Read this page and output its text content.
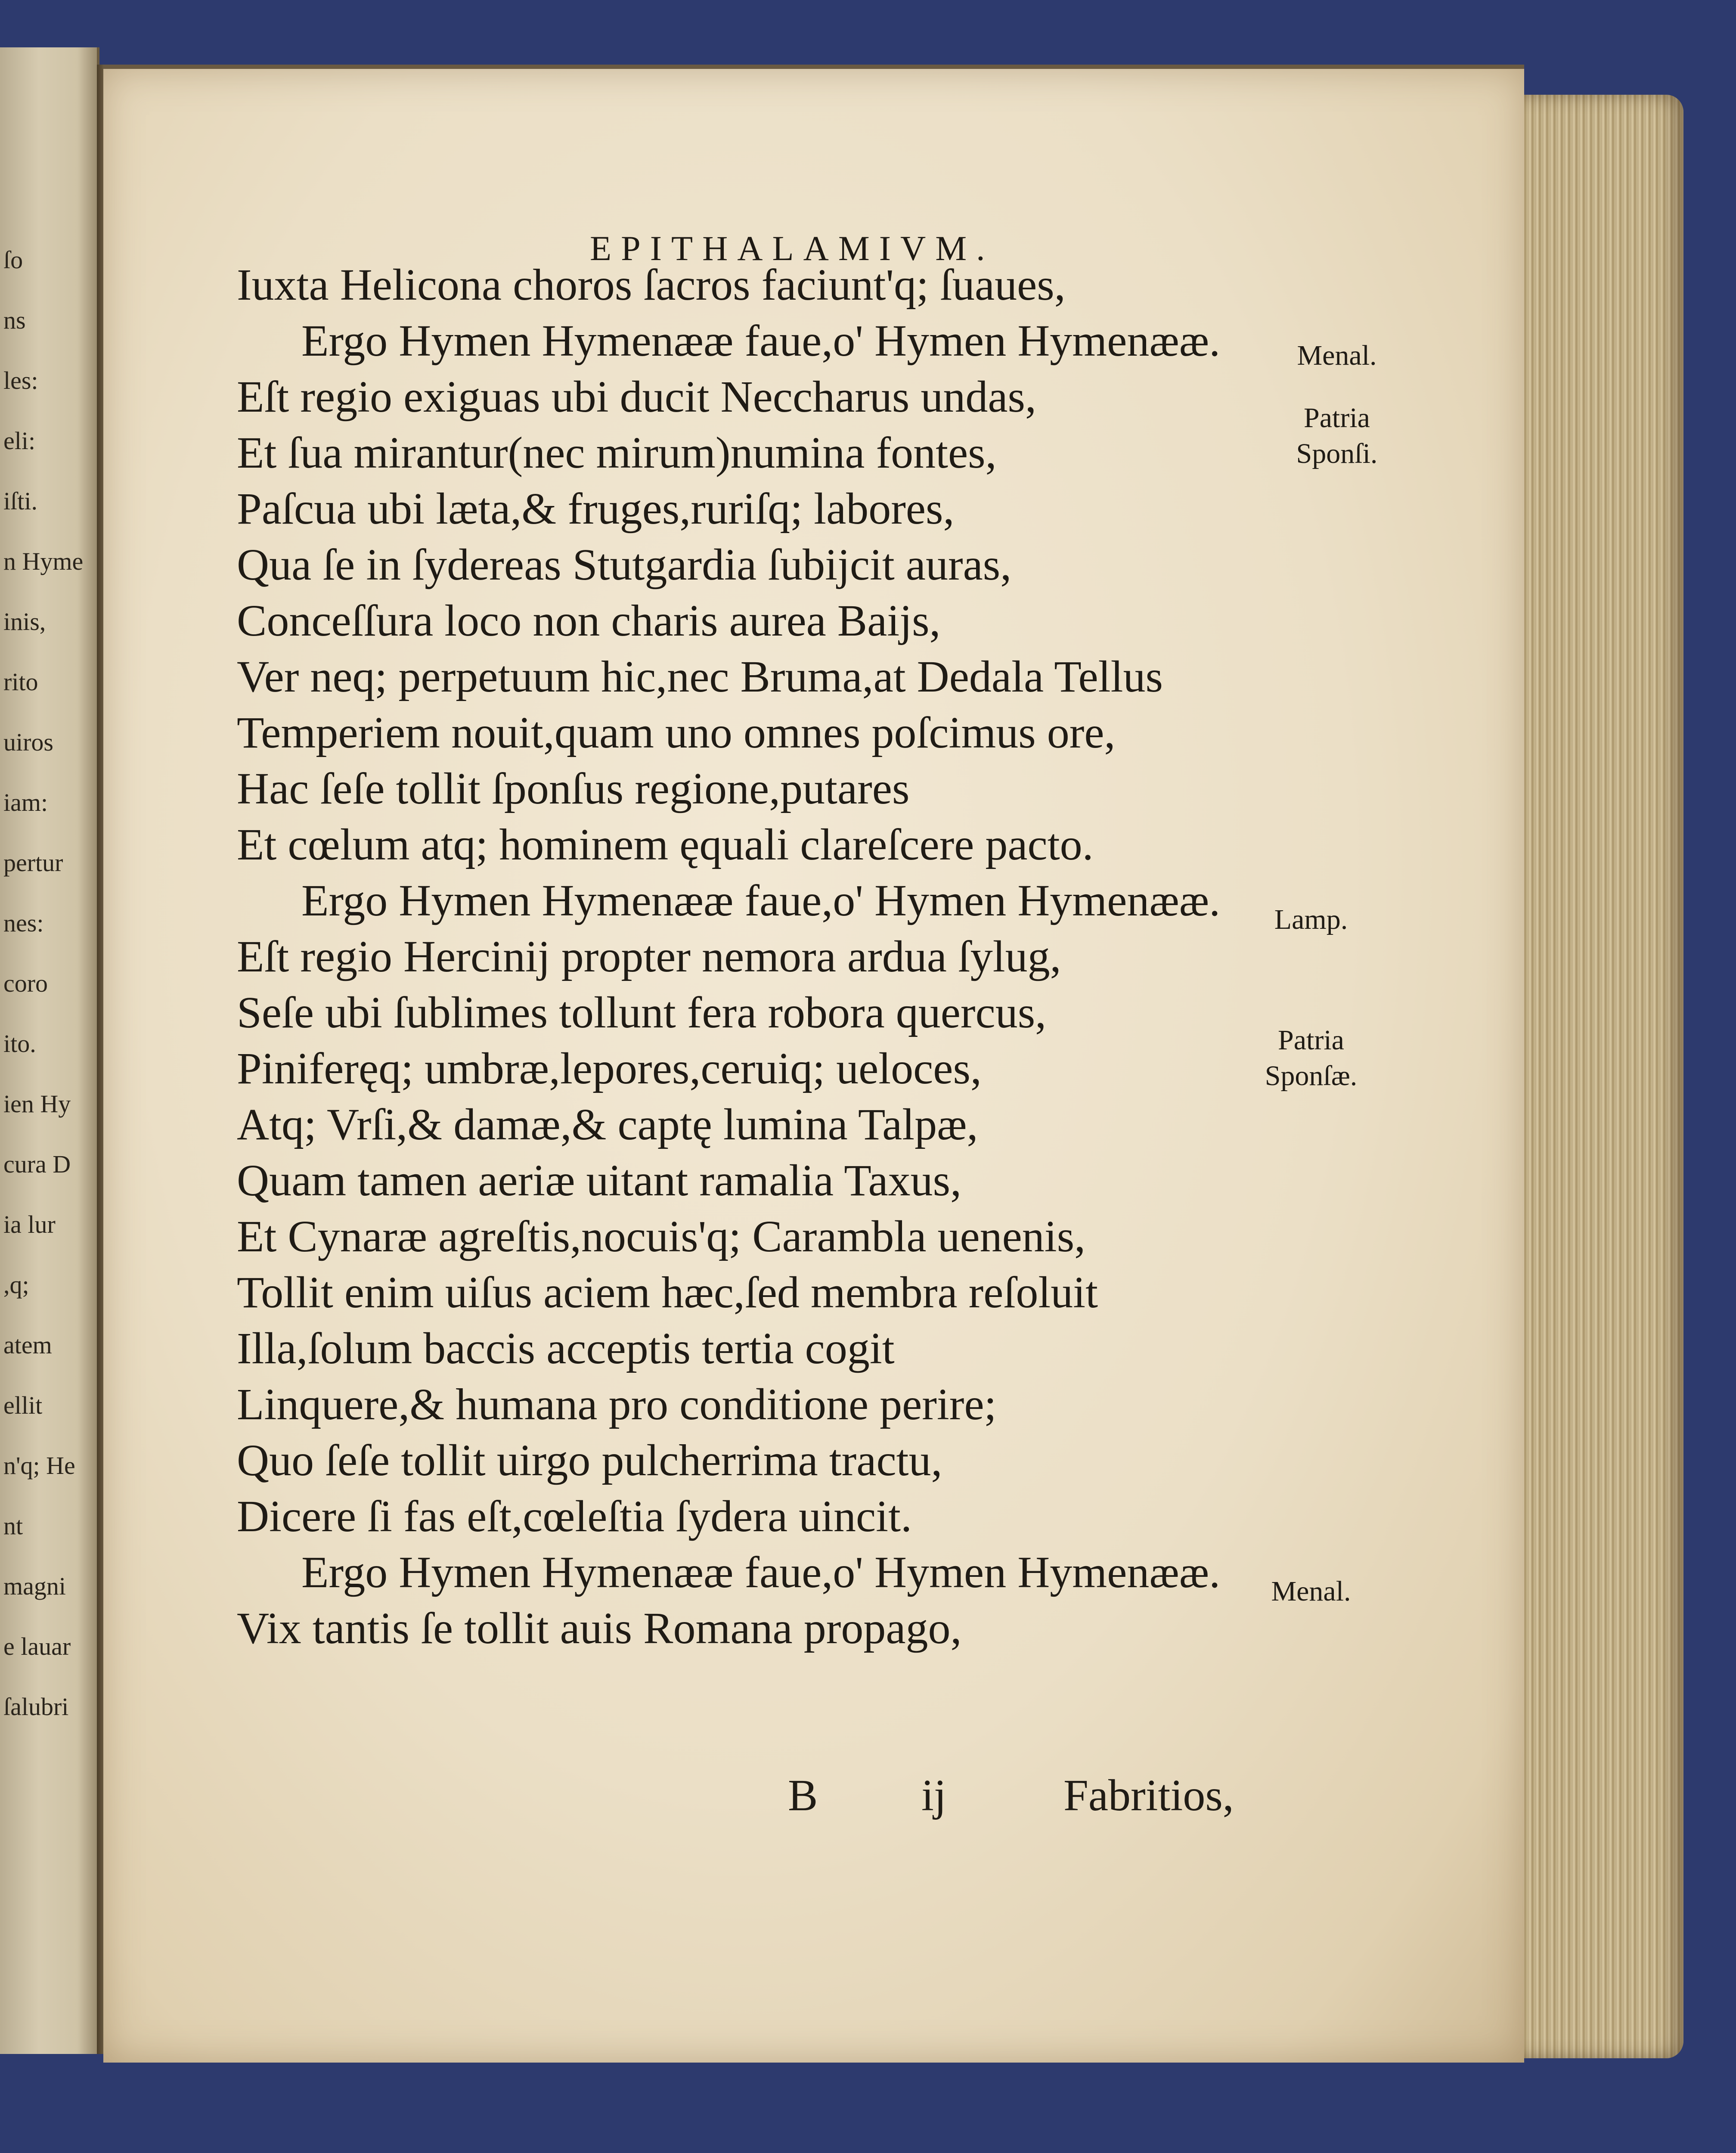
ſo
ns
les:
eli:
iſti.
n Hyme
inis,
rito
uiros
iam:
pertur
nes:
coro
ito.
ien Hy
cura D
ia lur
,q;
atem
ellit
n'q; He
nt
magni
e lauar
ſalubri
EPITHALAMIVM.
Iuxta Helicona choros ſacros faciunt'q; ſuaues,
Ergo Hymen Hymenææ faue,o' Hymen Hymenææ.
Eſt regio exiguas ubi ducit Neccharus undas,
Et ſua mirantur(nec mirum)numina fontes,
Paſcua ubi læta,& fruges,ruriſq; labores,
Qua ſe in ſydereas Stutgardia ſubijcit auras,
Conceſſura loco non charis aurea Baijs,
Ver neq; perpetuum hic,nec Bruma,at Dedala Tellus
Temperiem nouit,quam uno omnes poſcimus ore,
Hac ſeſe tollit ſponſus regione,putares
Et cœlum atq; hominem ęquali clareſcere pacto.
Ergo Hymen Hymenææ faue,o' Hymen Hymenææ.
Eſt regio Hercinij propter nemora ardua ſylug,
Seſe ubi ſublimes tollunt fera robora quercus,
Piniferęq; umbræ,lepores,ceruiq; ueloces,
Atq; Vrſi,& damæ,& captę lumina Talpæ,
Quam tamen aeriæ uitant ramalia Taxus,
Et Cynaræ agreſtis,nocuis'q; Carambla uenenis,
Tollit enim uiſus aciem hæc,ſed membra reſoluit
Illa,ſolum baccis acceptis tertia cogit
Linquere,& humana pro conditione perire;
Quo ſeſe tollit uirgo pulcherrima tractu,
Dicere ſi fas eſt,cœleſtia ſydera uincit.
Ergo Hymen Hymenææ faue,o' Hymen Hymenææ.
Vix tantis ſe tollit auis Romana propago,
Menal.
Patria
Sponſi.
Lamp.
Patria
Sponſæ.
Menal.
B ij	Fabritios,
